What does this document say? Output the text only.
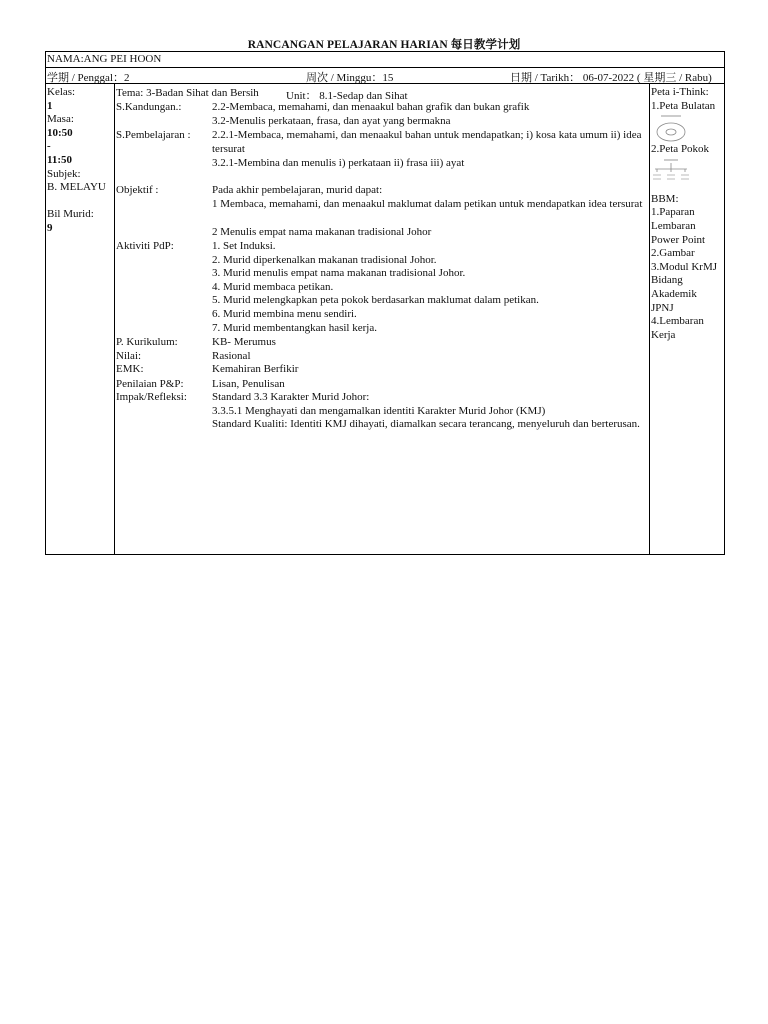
RANCANGAN PELAJARAN HARIAN 每日教学计划
NAMA:ANG PEI HOON
学期 / Penggal：2	周次 / Minggu：15	日期 / Tarikh： 06-07-2022 ( 星期三 / Rabu)
Kelas:
1
Masa:
10:50
-
11:50
Subjek:
B. MELAYU
Bil Murid:
9
Tema: 3-Badan Sihat dan Bersih Unit： 8.1-Sedap dan Sihat
S.Kandungan.:	2.2-Membaca, memahami, dan menaakul bahan grafik dan bukan grafik
3.2-Menulis perkataan, frasa, dan ayat yang bermakna
S.Pembelajaran : 2.2.1-Membaca, memahami, dan menaakul bahan untuk mendapatkan; i) kosa kata umum ii) idea tersurat
3.2.1-Membina dan menulis i) perkataan ii) frasa iii) ayat
Objektif :	Pada akhir pembelajaran, murid dapat:
1 Membaca, memahami, dan menaakul maklumat dalam petikan untuk mendapatkan idea tersurat
2 Menulis empat nama makanan tradisional Johor
Aktiviti PdP:	1. Set Induksi.
2. Murid diperkenalkan makanan tradisional Johor.
3. Murid menulis empat nama makanan tradisional Johor.
4. Murid membaca petikan.
5. Murid melengkapkan peta pokok berdasarkan maklumat dalam petikan.
6. Murid membina menu sendiri.
7. Murid membentangkan hasil kerja.
P. Kurikulum:	KB- Merumus
Nilai:	Rasional
EMK:	Kemahiran Berfikir
Penilaian P&P:	Lisan, Penulisan
Impak/Refleksi: Standard 3.3 Karakter Murid Johor:
3.3.5.1 Menghayati dan mengamalkan identiti Karakter Murid Johor (KMJ)
Standard Kualiti: Identiti KMJ dihayati, diamalkan secara terancang, menyeluruh dan berterusan.
Peta i-Think:
1.Peta Bulatan
2.Peta Pokok
BBM:
1.Paparan
Lembaran
Power Point
2.Gambar
3.Modul KrMJ
Bidang
Akademik
JPNJ
4.Lembaran
Kerja
